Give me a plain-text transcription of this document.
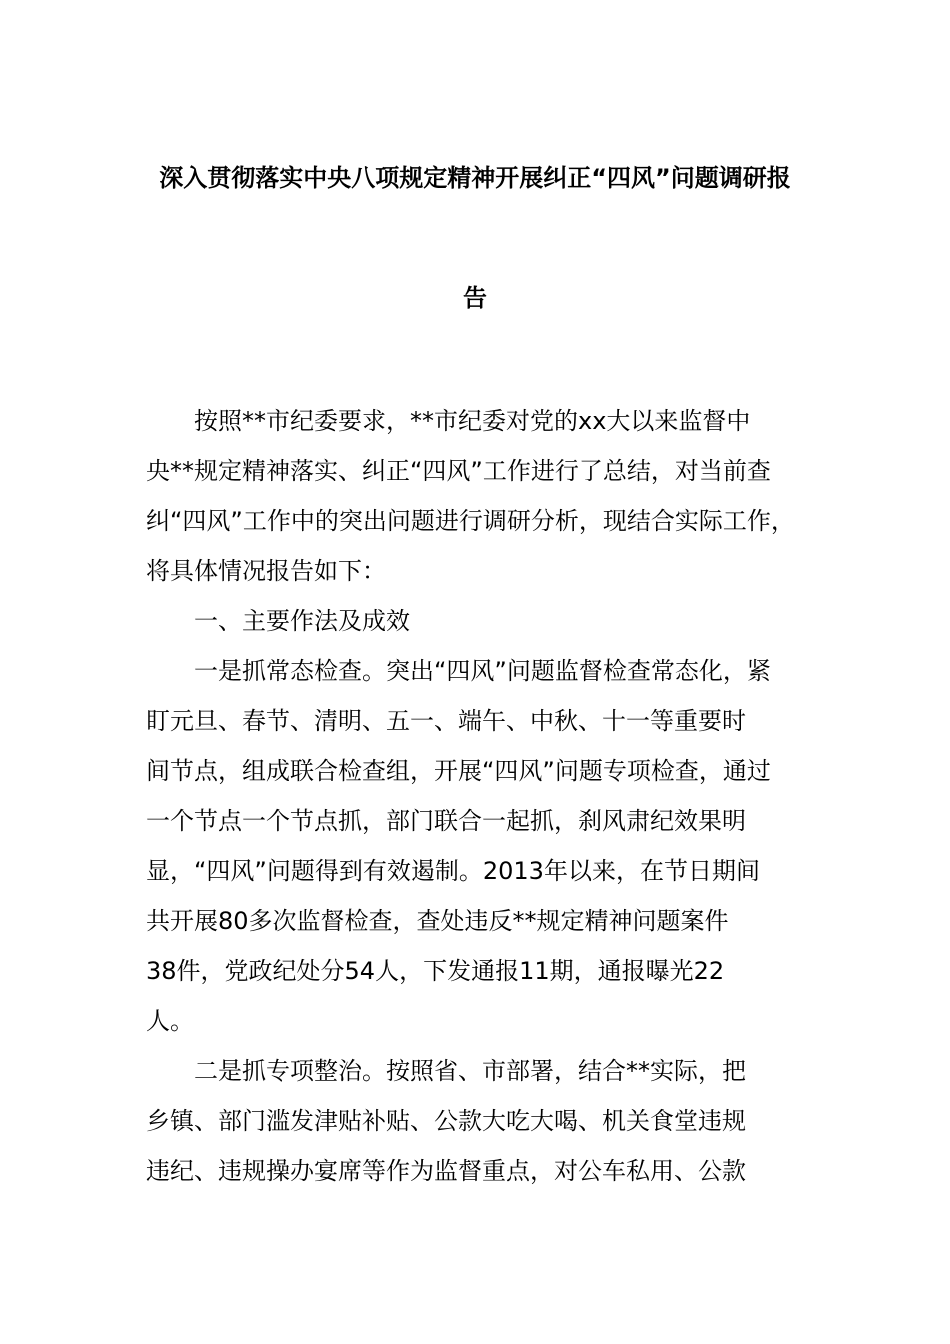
深入贯彻落实中央八项规定精神开展纠正“四风”问题调研报
告
按照**市纪委要求，**市纪委对党的xx大以来监督中
央**规定精神落实、纠正“四风”工作进行了总结，对当前查
纠“四风”工作中的突出问题进行调研分析，现结合实际工作，
将具体情况报告如下：
一、主要作法及成效
一是抓常态检查。突出“四风”问题监督检查常态化，紧
盯元旦、春节、清明、五一、端午、中秋、十一等重要时
间节点，组成联合检查组，开展“四风”问题专项检查，通过
一个节点一个节点抓，部门联合一起抓，刹风肃纪效果明
显，“四风”问题得到有效遏制。2013年以来，在节日期间
共开展80多次监督检查，查处违反**规定精神问题案件
38件，党政纪处分54人，下发通报11期，通报曝光22
人。
二是抓专项整治。按照省、市部署，结合**实际，把
乡镇、部门滥发津贴补贴、公款大吃大喝、机关食堂违规
违纪、违规操办宴席等作为监督重点，对公车私用、公款
